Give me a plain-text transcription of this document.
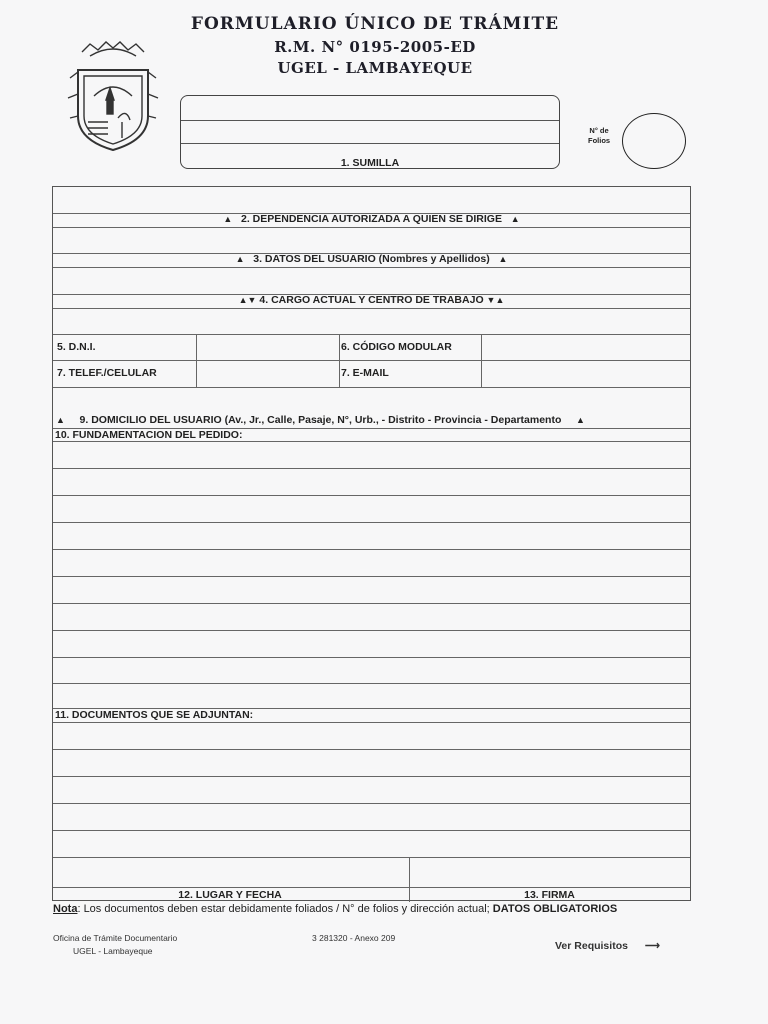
FORMULARIO ÚNICO DE TRÁMITE
R.M. N° 0195-2005-ED
UGEL - LAMBAYEQUE
1. SUMILLA
N° de
Folios
▲ 2. DEPENDENCIA AUTORIZADA A QUIEN SE DIRIGE ▲
▲ 3. DATOS DEL USUARIO (Nombres y Apellidos) ▲
▲▼ 4. CARGO ACTUAL Y CENTRO DE TRABAJO ▼▲
5. D.N.I.	6. CÓDIGO MODULAR
7. TELEF./CELULAR	7. E-MAIL
▲ 9. DOMICILIO DEL USUARIO (Av., Jr., Calle, Pasaje, N°, Urb., - Distrito - Provincia - Departamento ▲
10. FUNDAMENTACION DEL PEDIDO:
11. DOCUMENTOS QUE SE ADJUNTAN:
12. LUGAR Y FECHA	13. FIRMA
Nota: Los documentos deben estar debidamente foliados / N° de folios y dirección actual; DATOS OBLIGATORIOS
Oficina de Trámite Documentario
UGEL - Lambayeque
3 281320 - Anexo 209
Ver Requisitos ⟶
